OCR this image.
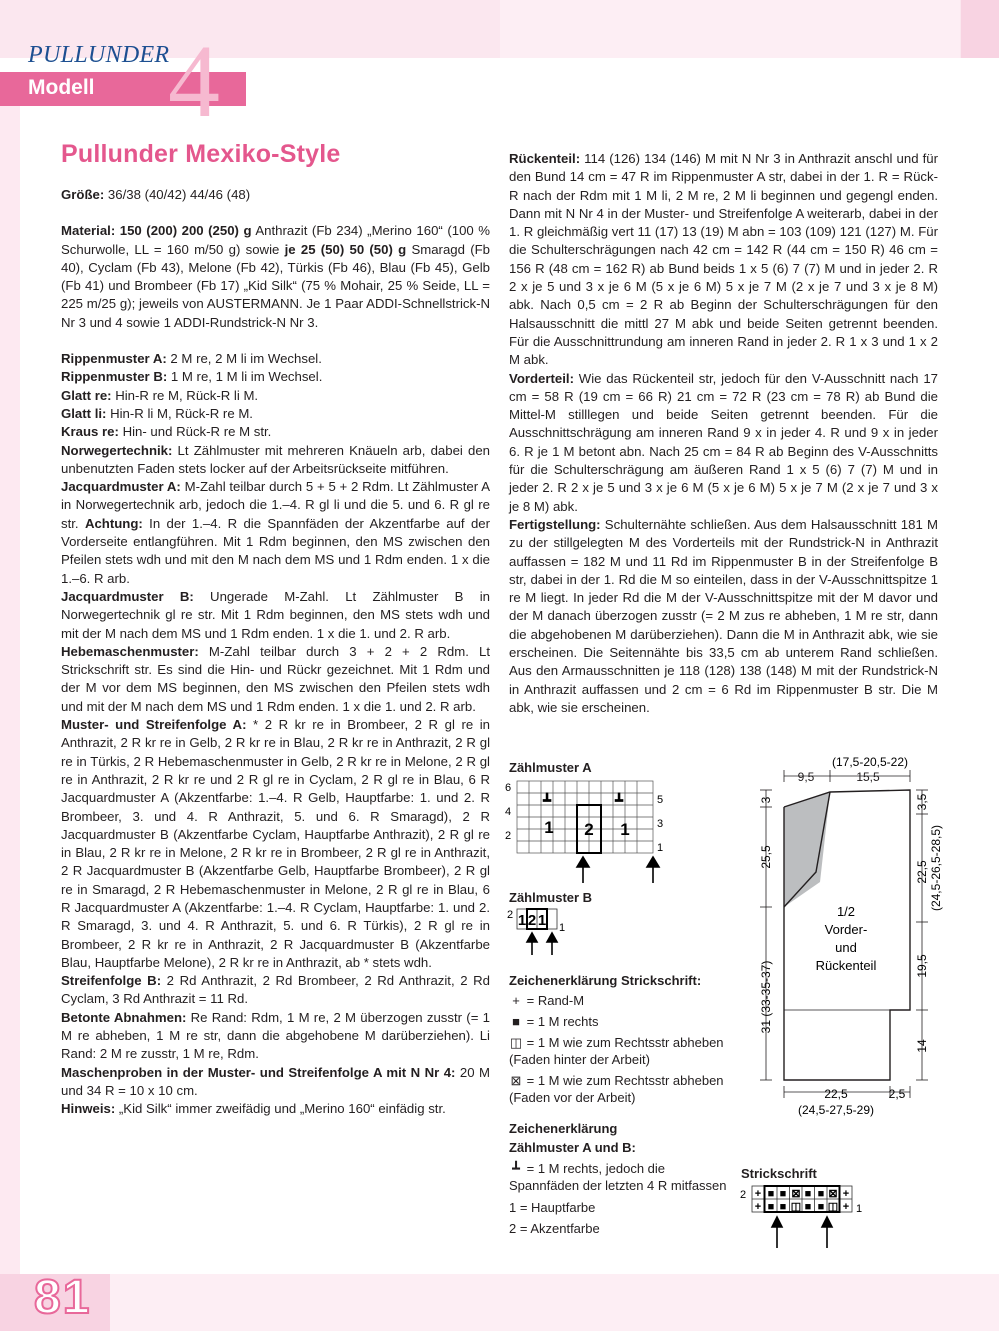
PULLUNDER
Modell 4
Pullunder Mexiko-Style

Größe: 36/38 (40/42) 44/46 (48)

Material: 150 (200) 200 (250) g Anthrazit (Fb 234) „Merino 160“ (100 % Schurwolle, LL = 160 m/50 g) sowie je 25 (50) 50 (50) g Smaragd (Fb 40), Cyclam (Fb 43), Melone (Fb 42), Türkis (Fb 46), Blau (Fb 45), Gelb (Fb 41) und Brombeer (Fb 17) „Kid Silk“ (75 % Mohair, 25 % Seide, LL = 225 m/25 g); jeweils von AUSTERMANN. Je 1 Paar ADDI-Schnellstrick-N Nr 3 und 4 sowie 1 ADDI-Rundstrick-N Nr 3.

Rippenmuster A: 2 M re, 2 M li im Wechsel.

Rippenmuster B: 1 M re, 1 M li im Wechsel.

Glatt re: Hin-R re M, Rück-R li M.

Glatt li: Hin-R li M, Rück-R re M.

Kraus re: Hin- und Rück-R re M str.

Norwegertechnik: Lt Zählmuster mit mehreren Knäueln arb, dabei den unbenutzten Faden stets locker auf der Arbeitsrückseite mitführen.

Jacquardmuster A: M-Zahl teilbar durch 5 + 5 + 2 Rdm. Lt Zählmuster A in Norwegertechnik arb, jedoch die 1.–4. R gl li und die 5. und 6. R gl re str. Achtung: In der 1.–4. R die Spannfäden der Akzentfarbe auf der Vorderseite entlangführen. Mit 1 Rdm beginnen, den MS zwischen den Pfeilen stets wdh und mit den M nach dem MS und 1 Rdm enden. 1 x die 1.–6. R arb.

Jacquardmuster B: Ungerade M-Zahl. Lt Zählmuster B in Norwegertechnik gl re str. Mit 1 Rdm beginnen, den MS stets wdh und mit der M nach dem MS und 1 Rdm enden. 1 x die 1. und 2. R arb.

Hebemaschenmuster: M-Zahl teilbar durch 3 + 2 + 2 Rdm. Lt Strickschrift str. Es sind die Hin- und Rückr gezeichnet. Mit 1 Rdm und der M vor dem MS beginnen, den MS zwischen den Pfeilen stets wdh und mit der M nach dem MS und 1 Rdm enden. 1 x die 1. und 2. R arb.

Muster- und Streifenfolge A: * 2 R kr re in Brombeer, 2 R gl re in Anthrazit, 2 R kr re in Gelb, 2 R kr re in Blau, 2 R kr re in Anthrazit, 2 R gl re in Türkis, 2 R Hebemaschenmuster in Gelb, 2 R kr re in Melone, 2 R gl re in Anthrazit, 2 R kr re und 2 R gl re in Cyclam, 2 R gl re in Blau, 6 R Jacquardmuster A (Akzentfarbe: 1.–4. R Gelb, Hauptfarbe: 1. und 2. R Brombeer, 3. und 4. R Anthrazit, 5. und 6. R Smaragd), 2 R Jacquardmuster B (Akzentfarbe Cyclam, Hauptfarbe Anthrazit), 2 R gl re in Blau, 2 R kr re in Melone, 2 R kr re in Brombeer, 2 R gl re in Anthrazit, 2 R Jacquardmuster B (Akzentfarbe Gelb, Hauptfarbe Brombeer), 2 R gl re in Smaragd, 2 R Hebemaschenmuster in Melone, 2 R gl re in Blau, 6 R Jacquardmuster A (Akzentfarbe: 1.–4. R Cyclam, Hauptfarbe: 1. und 2. R Smaragd, 3. und 4. R Anthrazit, 5. und 6. R Türkis), 2 R gl re in Brombeer, 2 R kr re in Anthrazit, 2 R Jacquardmuster B (Akzentfarbe Blau, Hauptfarbe Melone), 2 R kr re in Anthrazit, ab * stets wdh.

Streifenfolge B: 2 Rd Anthrazit, 2 Rd Brombeer, 2 Rd Anthrazit, 2 Rd Cyclam, 3 Rd Anthrazit = 11 Rd.

Betonte Abnahmen: Re Rand: Rdm, 1 M re, 2 M überzogen zusstr (= 1 M re abheben, 1 M re str, dann die abgehobene M darüberziehen). Li Rand: 2 M re zusstr, 1 M re, Rdm.

Maschenproben in der Muster- und Streifenfolge A mit N Nr 4: 20 M und 34 R = 10 x 10 cm.

Hinweis: „Kid Silk“ immer zweifädig und „Merino 160“ einfädig str.

Rückenteil: 114 (126) 134 (146) M mit N Nr 3 in Anthrazit anschl und für den Bund 14 cm = 47 R im Rippenmuster A str, dabei in der 1. R = Rück-R nach der Rdm mit 1 M li, 2 M re, 2 M li beginnen und gegengl enden. Dann mit N Nr 4 in der Muster- und Streifenfolge A weiterarb, dabei in der 1. R gleichmäßig vert 11 (17) 13 (19) M abn = 103 (109) 121 (127) M. Für die Schulterschrägungen nach 42 cm = 142 R (44 cm = 150 R) 46 cm = 156 R (48 cm = 162 R) ab Bund beids 1 x 5 (6) 7 (7) M und in jeder 2. R 2 x je 5 und 3 x je 6 M (5 x je 6 M) 5 x je 7 M (2 x je 7 und 3 x je 8 M) abk. Nach 0,5 cm = 2 R ab Beginn der Schulterschrägungen für den Halsausschnitt die mittl 27 M abk und beide Seiten getrennt beenden. Für die Ausschnittrundung am inneren Rand in jeder 2. R 1 x 3 und 1 x 2 M abk.

Vorderteil: Wie das Rückenteil str, jedoch für den V-Ausschnitt nach 17 cm = 58 R (19 cm = 66 R) 21 cm = 72 R (23 cm = 78 R) ab Bund die Mittel-M stilllegen und beide Seiten getrennt beenden. Für die Ausschnittschrägung am inneren Rand 9 x in jeder 4. R und 9 x in jeder 6. R je 1 M betont abn. Nach 25 cm = 84 R ab Beginn des V-Ausschnitts für die Schulterschrägung am äußeren Rand 1 x 5 (6) 7 (7) M und in jeder 2. R 2 x je 5 und 3 x je 6 M (5 x je 6 M) 5 x je 7 M (2 x je 7 und 3 x je 8 M) abk.

Fertigstellung: Schulternähte schließen. Aus dem Halsausschnitt 181 M zu der stillgelegten M des Vorderteils mit der Rundstrick-N in Anthrazit auffassen = 182 M und 11 Rd im Rippenmuster B in der Streifenfolge B str, dabei in der 1. Rd die M so einteilen, dass in der V-Ausschnittspitze 1 re M liegt. In jeder Rd die M der V-Ausschnittspitze mit der M davor und der M danach überzogen zusstr (= 2 M zus re abheben, 1 M re str, dann die abgehobenen M darüberziehen). Dann die M in Anthrazit abk, wie sie erscheinen. Die Seitennähte bis 33,5 cm ab unterem Rand schließen. Aus den Armausschnitten je 118 (128) 138 (148) M mit der Rundstrick-N in Anthrazit auffassen und 2 cm = 6 Rd im Rippenmuster B str. Die M abk, wie sie erscheinen.

Zählmuster A
┻	┻
6
4
2
5
3
1
1 2 1
Zählmuster B
2 1 2 1 1
Zeichenerklärung Strickschrift:
+ = Rand-M
■ = 1 M rechts
◫ = 1 M wie zum Rechtsstr abheben (Faden hinter der Arbeit)
⊠ = 1 M wie zum Rechtsstr abheben (Faden vor der Arbeit)
Zeichenerklärung
Zählmuster A und B:
┻ = 1 M rechts, jedoch die Spannfäden der letzten 4 R mitfassen
1 = Hauptfarbe
2 = Akzentfarbe
Strickschrift
2 + ■ ■ ⊠ ■ ■ ⊠ +
+ ■ ■ ◫ ■ ■ ◫ + 1
(17,5-20,5-22)
9,5	15,5
3
25,5
31 (33-35-37)
3,5
22,5 (24,5-26,5-28,5)
19,5
14
1/2
Vorder-
und
Rückenteil
22,5	2,5
(24,5-27,5-29)
81
